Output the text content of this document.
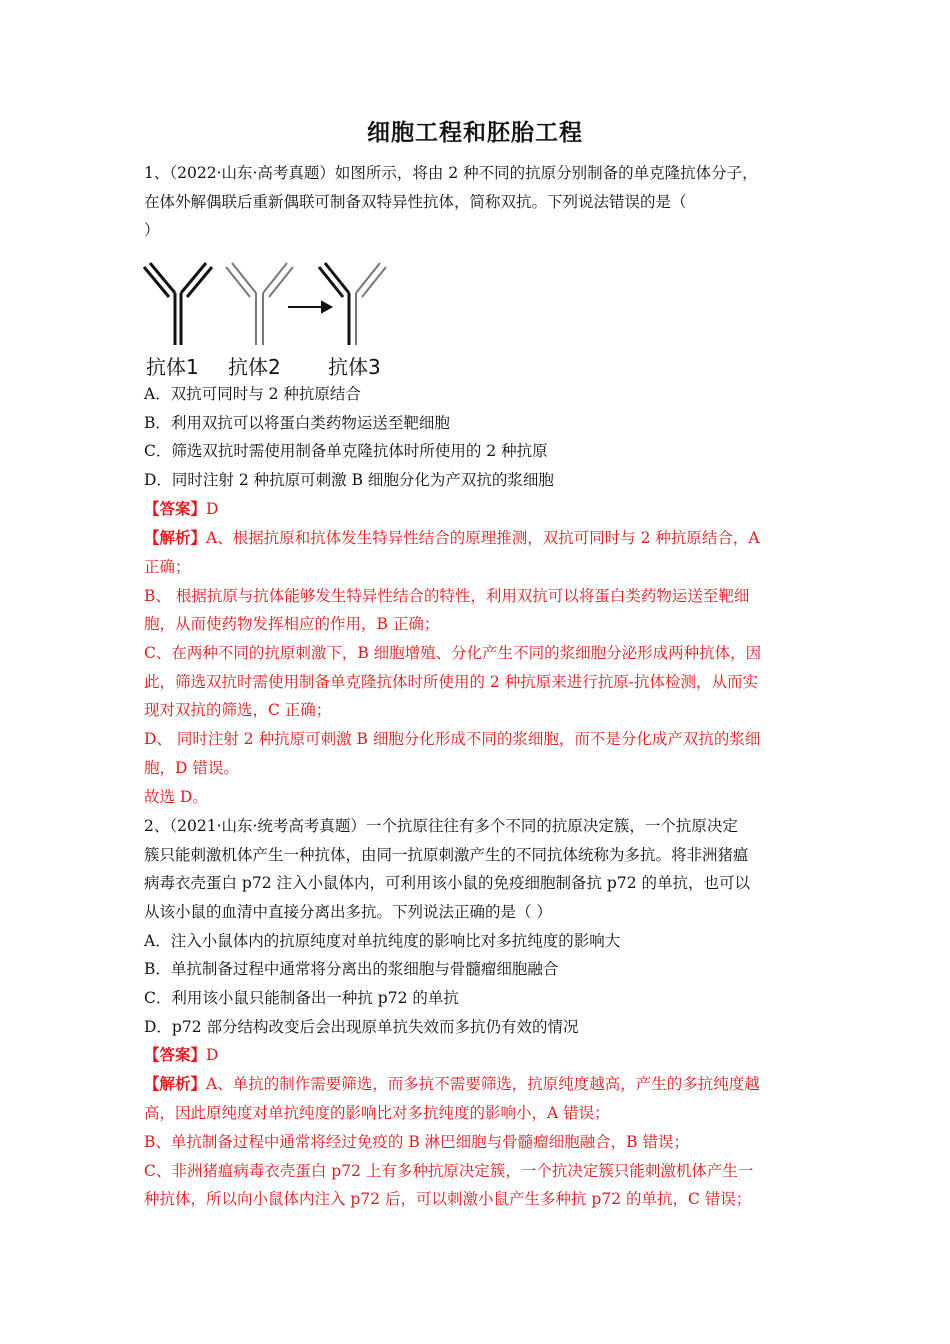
细胞工程和胚胎工程
1、（2022·山东·高考真题）如图所示，将由 2 种不同的抗原分别制备的单克隆抗体分子，
在体外解偶联后重新偶联可制备双特异性抗体，简称双抗。下列说法错误的是（
）
抗体1 抗体2 抗体3
A．双抗可同时与 2 种抗原结合
B．利用双抗可以将蛋白类药物运送至靶细胞
C．筛选双抗时需使用制备单克隆抗体时所使用的 2 种抗原
D．同时注射 2 种抗原可刺激 B 细胞分化为产双抗的浆细胞
【答案】D
【解析】A、根据抗原和抗体发生特异性结合的原理推测，双抗可同时与 2 种抗原结合，A
正确；
B、 根据抗原与抗体能够发生特异性结合的特性，利用双抗可以将蛋白类药物运送至靶细
胞，从而使药物发挥相应的作用，B 正确；
C、在两种不同的抗原刺激下，B 细胞增殖、分化产生不同的浆细胞分泌形成两种抗体，因
此，筛选双抗时需使用制备单克隆抗体时所使用的 2 种抗原来进行抗原-抗体检测，从而实
现对双抗的筛选，C 正确；
D、 同时注射 2 种抗原可刺激 B 细胞分化形成不同的浆细胞，而不是分化成产双抗的浆细
胞，D 错误。
故选 D。
2、（2021·山东·统考高考真题）一个抗原往往有多个不同的抗原决定簇，一个抗原决定
簇只能刺激机体产生一种抗体，由同一抗原刺激产生的不同抗体统称为多抗。将非洲猪瘟
病毒衣壳蛋白 p72 注入小鼠体内，可利用该小鼠的免疫细胞制备抗 p72 的单抗，也可以
从该小鼠的血清中直接分离出多抗。下列说法正确的是（ ）
A．注入小鼠体内的抗原纯度对单抗纯度的影响比对多抗纯度的影响大
B．单抗制备过程中通常将分离出的浆细胞与骨髓瘤细胞融合
C．利用该小鼠只能制备出一种抗 p72 的单抗
D．p72 部分结构改变后会出现原单抗失效而多抗仍有效的情况
【答案】D
【解析】A、单抗的制作需要筛选，而多抗不需要筛选，抗原纯度越高，产生的多抗纯度越
高，因此原纯度对单抗纯度的影响比对多抗纯度的影响小，A 错误；
B、单抗制备过程中通常将经过免疫的 B 淋巴细胞与骨髓瘤细胞融合，B 错误；
C、非洲猪瘟病毒衣壳蛋白 p72 上有多种抗原决定簇，一个抗决定簇只能刺激机体产生一
种抗体，所以向小鼠体内注入 p72 后，可以刺激小鼠产生多种抗 p72 的单抗，C 错误；
